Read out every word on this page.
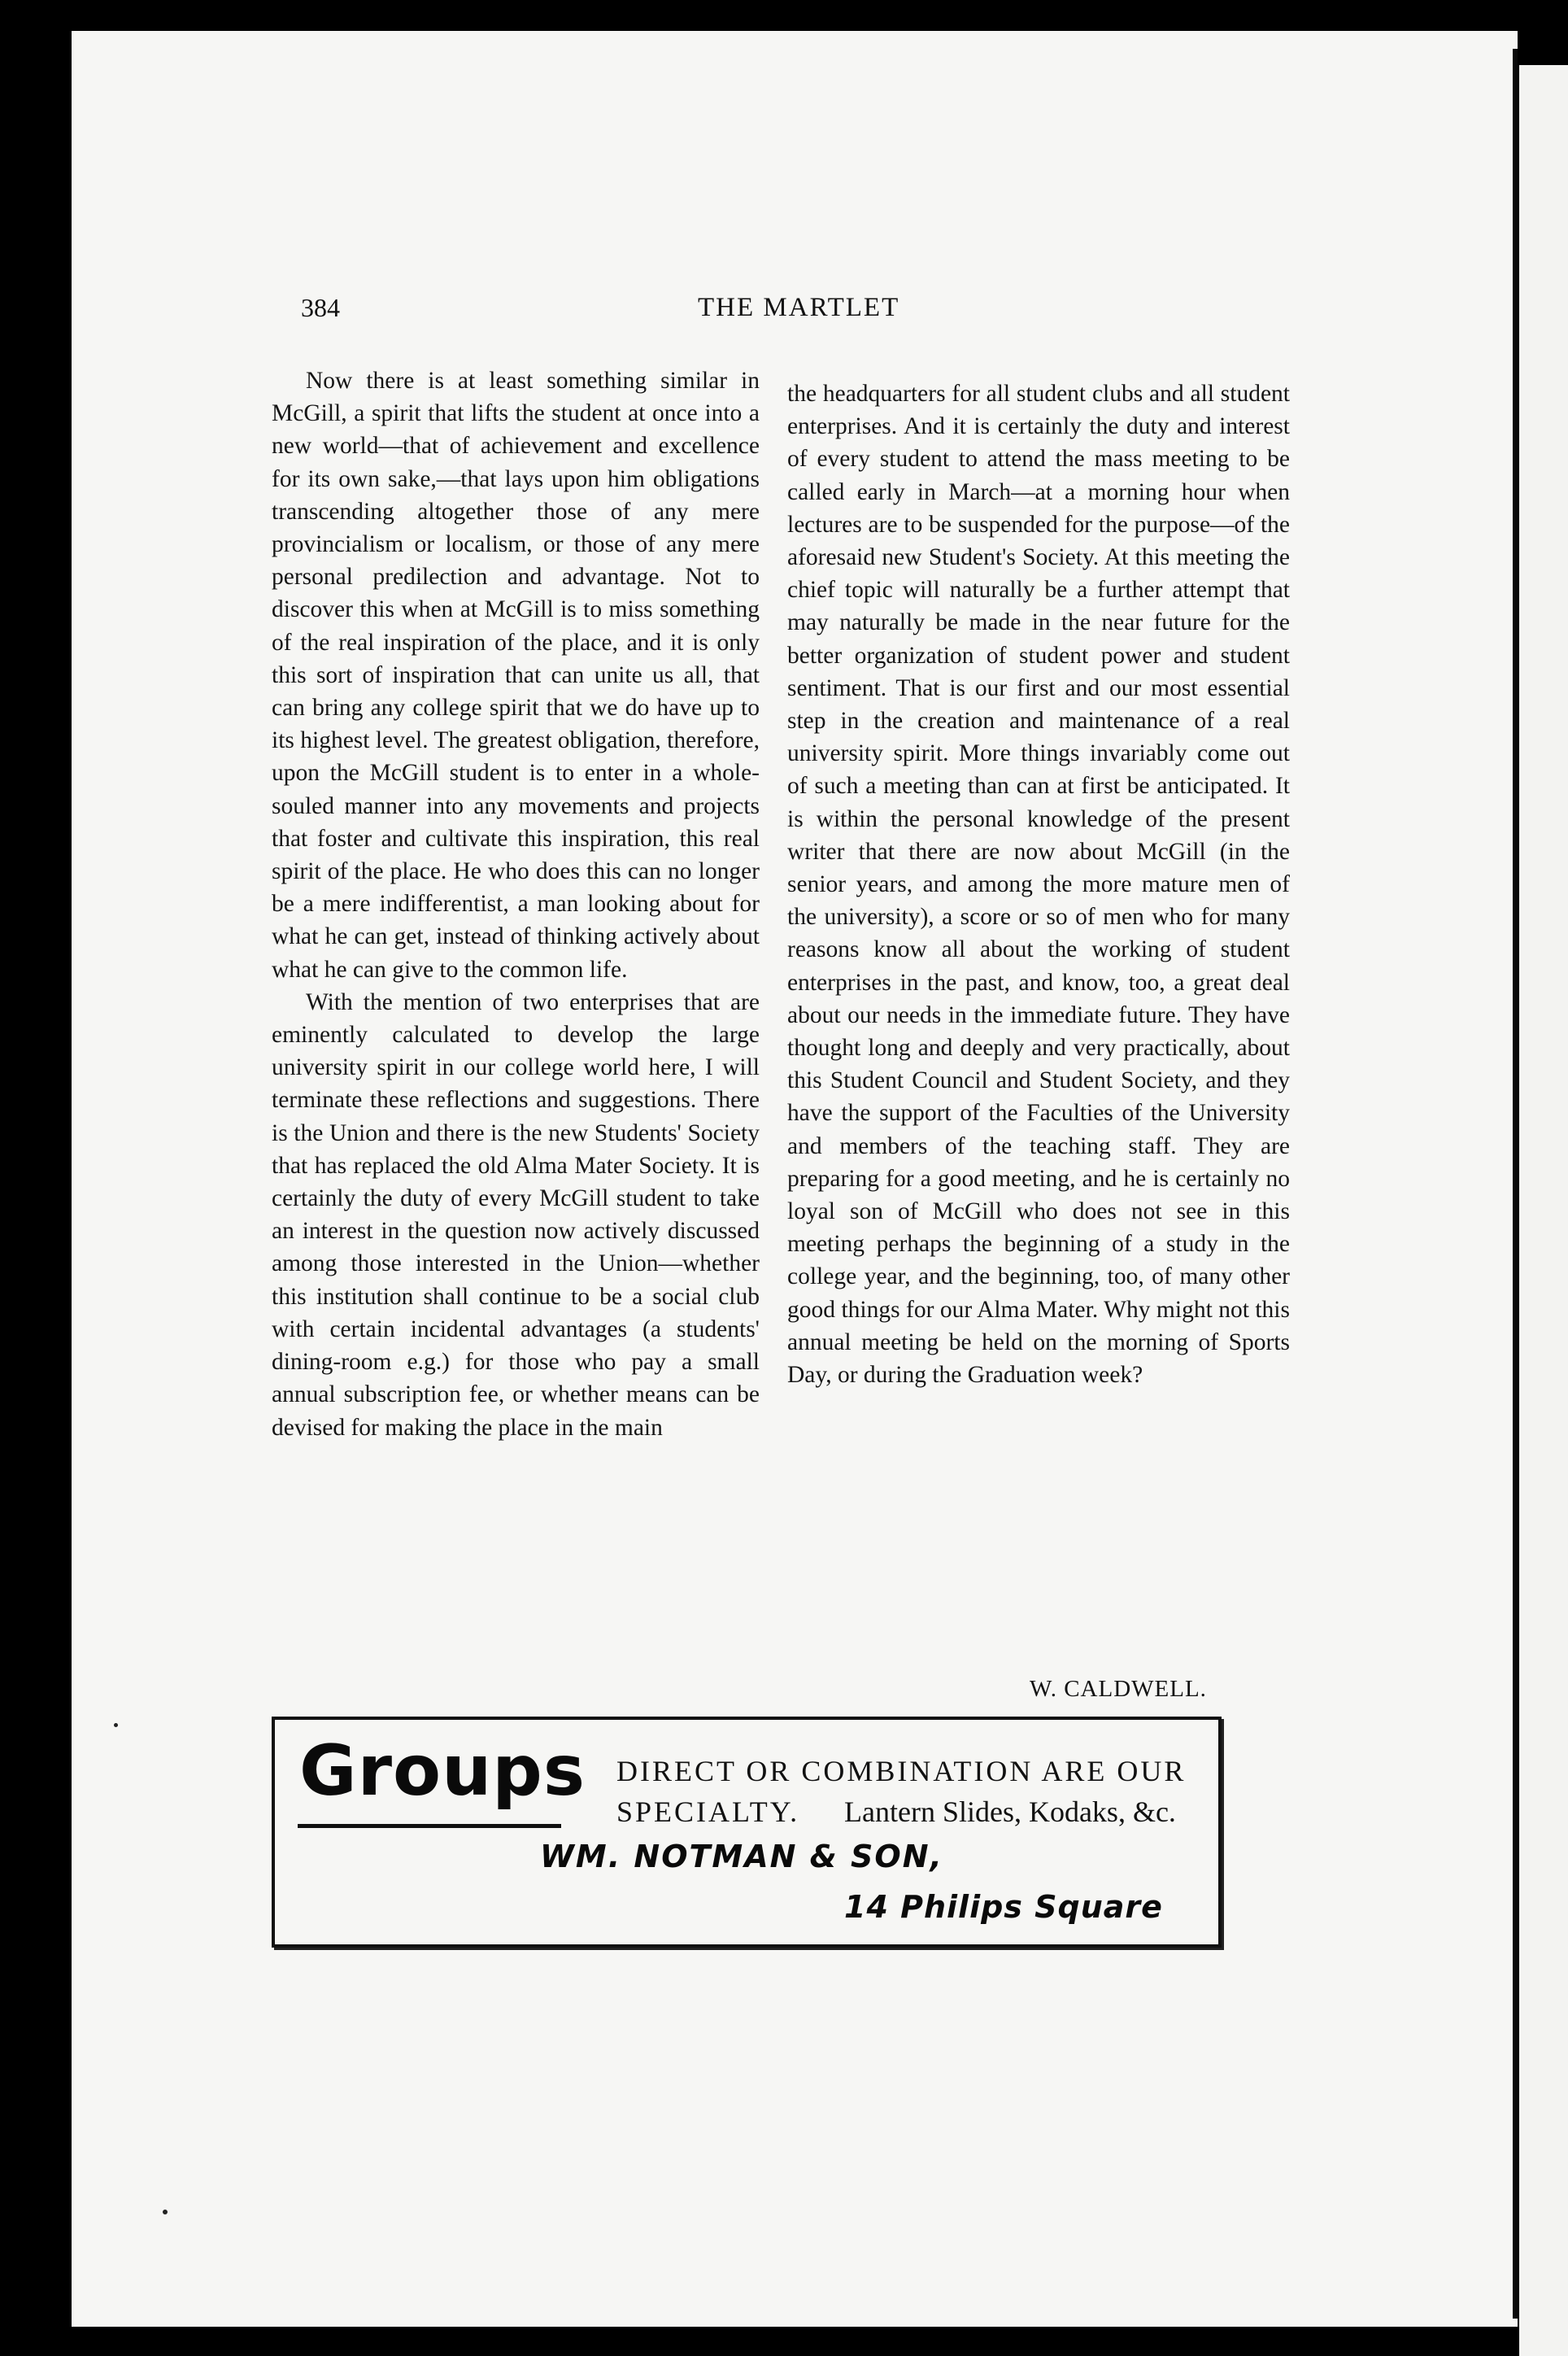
384	THE MARTLET

Now there is at least something similar in McGill, a spirit that lifts the student at once into a new world—that of achievement and excellence for its own sake,—that lays upon him obligations transcending altogether those of any mere provincialism or localism, or those of any mere personal predilection and advantage. Not to discover this when at McGill is to miss something of the real inspiration of the place, and it is only this sort of inspiration that can unite us all, that can bring any college spirit that we do have up to its highest level. The greatest obligation, therefore, upon the McGill student is to enter in a whole-souled manner into any movements and projects that foster and cultivate this inspiration, this real spirit of the place. He who does this can no longer be a mere indifferentist, a man looking about for what he can get, instead of thinking actively about what he can give to the common life.

With the mention of two enterprises that are eminently calculated to develop the large university spirit in our college world here, I will terminate these reflections and suggestions. There is the Union and there is the new Students' Society that has replaced the old Alma Mater Society. It is certainly the duty of every McGill student to take an interest in the question now actively discussed among those interested in the Union—whether this institution shall continue to be a social club with certain incidental advantages (a students' dining-room e.g.) for those who pay a small annual subscription fee, or whether means can be devised for making the place in the main

the headquarters for all student clubs and all student enterprises. And it is certainly the duty and interest of every student to attend the mass meeting to be called early in March—at a morning hour when lectures are to be suspended for the purpose—of the aforesaid new Student's Society. At this meeting the chief topic will naturally be a further attempt that may naturally be made in the near future for the better organization of student power and student sentiment. That is our first and our most essential step in the creation and maintenance of a real university spirit. More things invariably come out of such a meeting than can at first be anticipated. It is within the personal knowledge of the present writer that there are now about McGill (in the senior years, and among the more mature men of the university), a score or so of men who for many reasons know all about the working of student enterprises in the past, and know, too, a great deal about our needs in the immediate future. They have thought long and deeply and very practically, about this Student Council and Student Society, and they have the support of the Faculties of the University and members of the teaching staff. They are preparing for a good meeting, and he is certainly no loyal son of McGill who does not see in this meeting perhaps the beginning of a study in the college year, and the beginning, too, of many other good things for our Alma Mater. Why might not this annual meeting be held on the morning of Sports Day, or during the Graduation week?

W. CALDWELL.
Groups DIRECT OR COMBINATION ARE OUR
SPECIALTY. Lantern Slides, Kodaks, &c.
WM. NOTMAN & SON,
14 Philips Square
